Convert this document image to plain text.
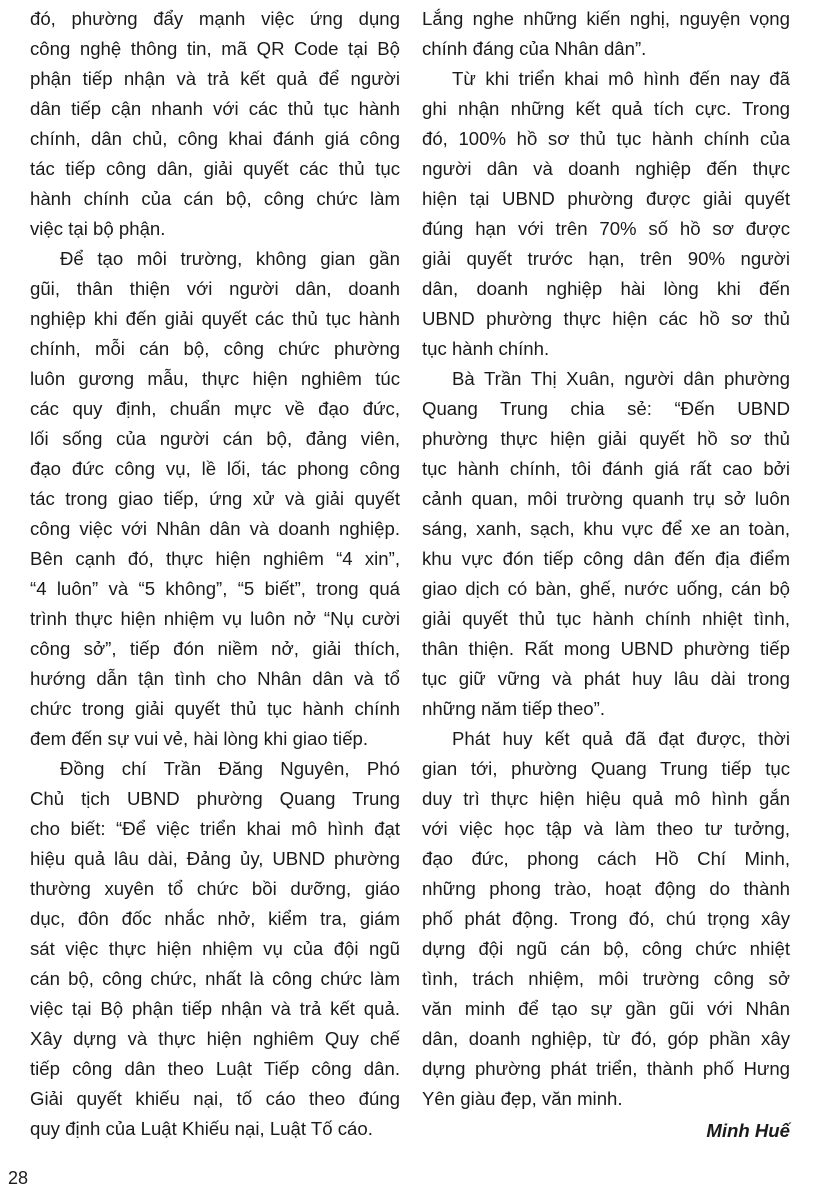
đó, phường đẩy mạnh việc ứng dụng
công nghệ thông tin, mã QR Code tại Bộ
phận tiếp nhận và trả kết quả để người
dân tiếp cận nhanh với các thủ tục hành
chính, dân chủ, công khai đánh giá công
tác tiếp công dân, giải quyết các thủ tục
hành chính của cán bộ, công chức làm
việc tại bộ phận.
Để tạo môi trường, không gian gần
gũi, thân thiện với người dân, doanh
nghiệp khi đến giải quyết các thủ tục hành
chính, mỗi cán bộ, công chức phường
luôn gương mẫu, thực hiện nghiêm túc
các quy định, chuẩn mực về đạo đức,
lối sống của người cán bộ, đảng viên,
đạo đức công vụ, lề lối, tác phong công
tác trong giao tiếp, ứng xử và giải quyết
công việc với Nhân dân và doanh nghiệp.
Bên cạnh đó, thực hiện nghiêm “4 xin”,
“4 luôn” và “5 không”, “5 biết”, trong quá
trình thực hiện nhiệm vụ luôn nở “Nụ cười
công sở”, tiếp đón niềm nở, giải thích,
hướng dẫn tận tình cho Nhân dân và tổ
chức trong giải quyết thủ tục hành chính
đem đến sự vui vẻ, hài lòng khi giao tiếp.
Đồng chí Trần Đăng Nguyên, Phó
Chủ tịch UBND phường Quang Trung
cho biết: “Để việc triển khai mô hình đạt
hiệu quả lâu dài, Đảng ủy, UBND phường
thường xuyên tổ chức bồi dưỡng, giáo
dục, đôn đốc nhắc nhở, kiểm tra, giám
sát việc thực hiện nhiệm vụ của đội ngũ
cán bộ, công chức, nhất là công chức làm
việc tại Bộ phận tiếp nhận và trả kết quả.
Xây dựng và thực hiện nghiêm Quy chế
tiếp công dân theo Luật Tiếp công dân.
Giải quyết khiếu nại, tố cáo theo đúng
quy định của Luật Khiếu nại, Luật Tố cáo.
Lắng nghe những kiến nghị, nguyện vọng
chính đáng của Nhân dân”.
Từ khi triển khai mô hình đến nay đã
ghi nhận những kết quả tích cực. Trong
đó, 100% hồ sơ thủ tục hành chính của
người dân và doanh nghiệp đến thực
hiện tại UBND phường được giải quyết
đúng hạn với trên 70% số hồ sơ được
giải quyết trước hạn, trên 90% người
dân, doanh nghiệp hài lòng khi đến
UBND phường thực hiện các hồ sơ thủ
tục hành chính.
Bà Trần Thị Xuân, người dân phường
Quang Trung chia sẻ: “Đến UBND
phường thực hiện giải quyết hồ sơ thủ
tục hành chính, tôi đánh giá rất cao bởi
cảnh quan, môi trường quanh trụ sở luôn
sáng, xanh, sạch, khu vực để xe an toàn,
khu vực đón tiếp công dân đến địa điểm
giao dịch có bàn, ghế, nước uống, cán bộ
giải quyết thủ tục hành chính nhiệt tình,
thân thiện. Rất mong UBND phường tiếp
tục giữ vững và phát huy lâu dài trong
những năm tiếp theo”.
Phát huy kết quả đã đạt được, thời
gian tới, phường Quang Trung tiếp tục
duy trì thực hiện hiệu quả mô hình gắn
với việc học tập và làm theo tư tưởng,
đạo đức, phong cách Hồ Chí Minh,
những phong trào, hoạt động do thành
phố phát động. Trong đó, chú trọng xây
dựng đội ngũ cán bộ, công chức nhiệt
tình, trách nhiệm, môi trường công sở
văn minh để tạo sự gần gũi với Nhân
dân, doanh nghiệp, từ đó, góp phần xây
dựng phường phát triển, thành phố Hưng
Yên giàu đẹp, văn minh.
Minh Huế
28
